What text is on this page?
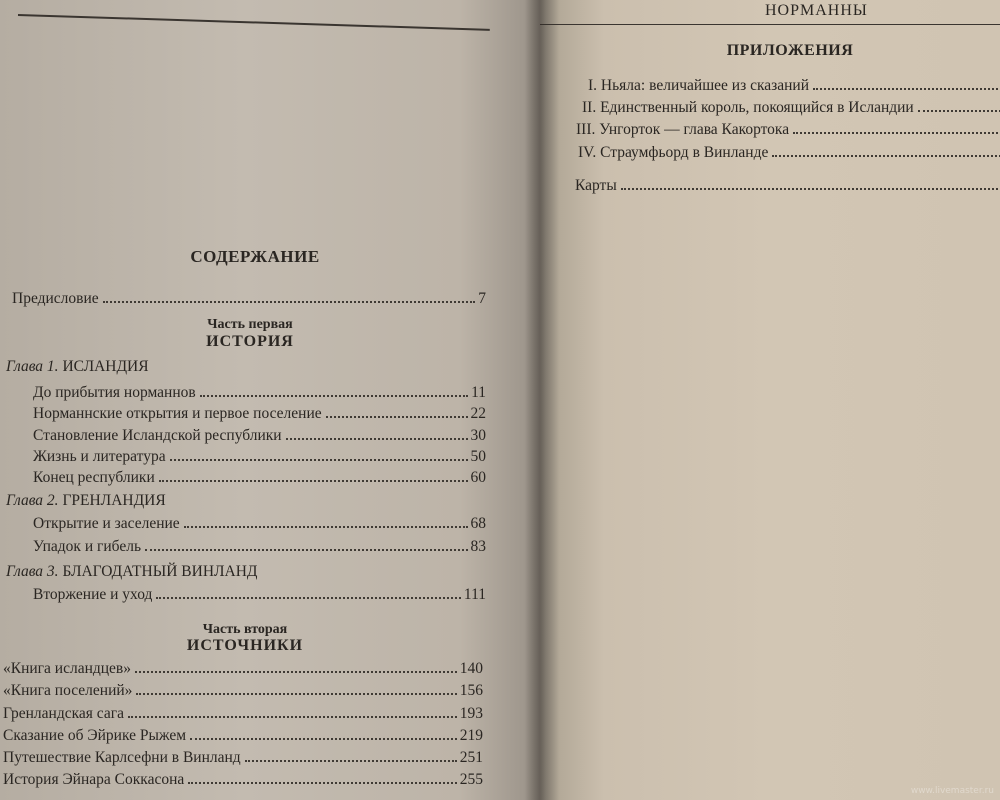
СОДЕРЖАНИЕ
Предисловие	7
Часть первая
ИСТОРИЯ
Глава 1. ИСЛАНДИЯ
До прибытия норманнов	11
Норманнские открытия и первое поселение	22
Становление Исландской республики	30
Жизнь и литература	50
Конец республики	60
Глава 2. ГРЕНЛАНДИЯ
Открытие и заселение	68
Упадок и гибель	83
Глава 3. БЛАГОДАТНЫЙ ВИНЛАНД
Вторжение и уход	111
Часть вторая
ИСТОЧНИКИ
«Книга исландцев»	140
«Книга поселений»	156
Гренландская сага	193
Сказание об Эйрике Рыжем	219
Путешествие Карлсефни в Винланд	251
История Эйнара Соккасона	255
НОРМАННЫ
ПРИЛОЖЕНИЯ
I. Ньяла: величайшее из сказаний
II. Единственный король, покоящийся в Исландии
III. Унгорток — глава Какортока
IV. Страумфьорд в Винланде
Карты
www.livemaster.ru
